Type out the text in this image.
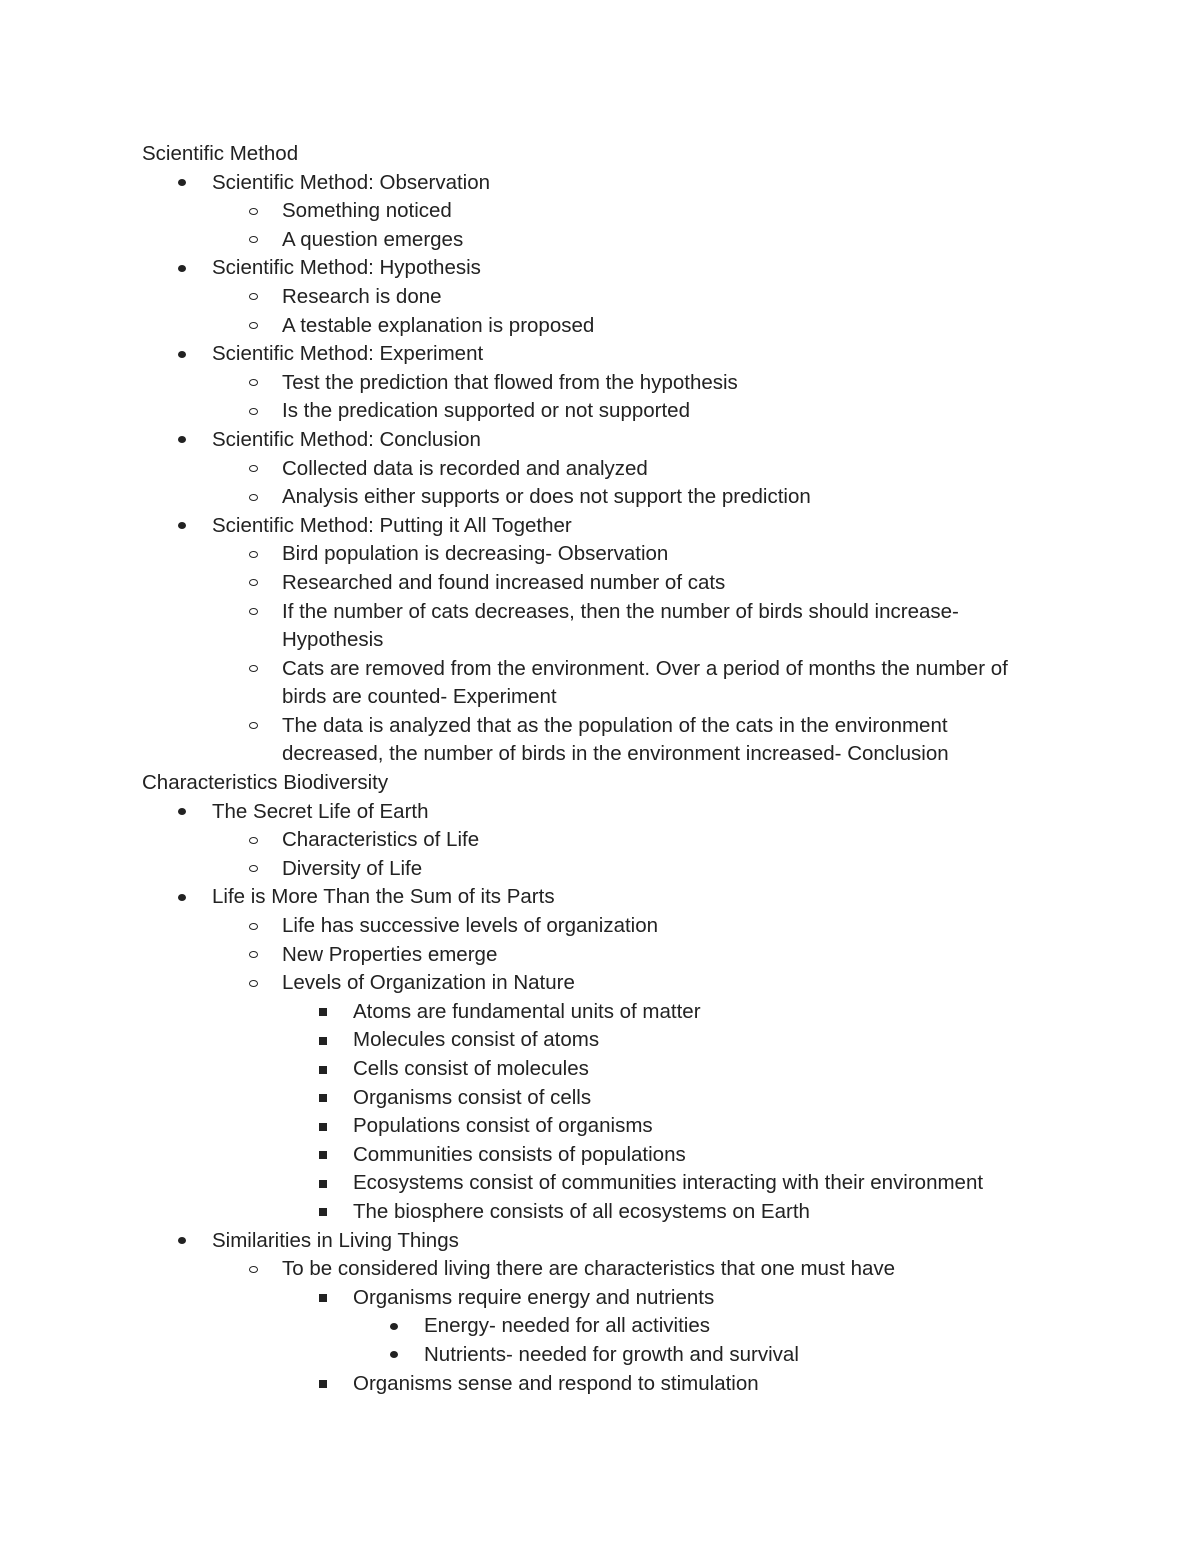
Scientific Method
Scientific Method: Observation
Something noticed
A question emerges
Scientific Method: Hypothesis
Research is done
A testable explanation is proposed
Scientific Method: Experiment
Test the prediction that flowed from the hypothesis
Is the predication supported or not supported
Scientific Method: Conclusion
Collected data is recorded and analyzed
Analysis either supports or does not support the prediction
Scientific Method: Putting it All Together
Bird population is decreasing- Observation
Researched and found increased number of cats
If the number of cats decreases, then the number of birds should increase-
Hypothesis
Cats are removed from the environment. Over a period of months the number of
birds are counted- Experiment
The data is analyzed that as the population of the cats in the environment
decreased, the number of birds in the environment increased- Conclusion
Characteristics Biodiversity
The Secret Life of Earth
Characteristics of Life
Diversity of Life
Life is More Than the Sum of its Parts
Life has successive levels of organization
New Properties emerge
Levels of Organization in Nature
Atoms are fundamental units of matter
Molecules consist of atoms
Cells consist of molecules
Organisms consist of cells
Populations consist of organisms
Communities consists of populations
Ecosystems consist of communities interacting with their environment
The biosphere consists of all ecosystems on Earth
Similarities in Living Things
To be considered living there are characteristics that one must have
Organisms require energy and nutrients
Energy- needed for all activities
Nutrients- needed for growth and survival
Organisms sense and respond to stimulation
